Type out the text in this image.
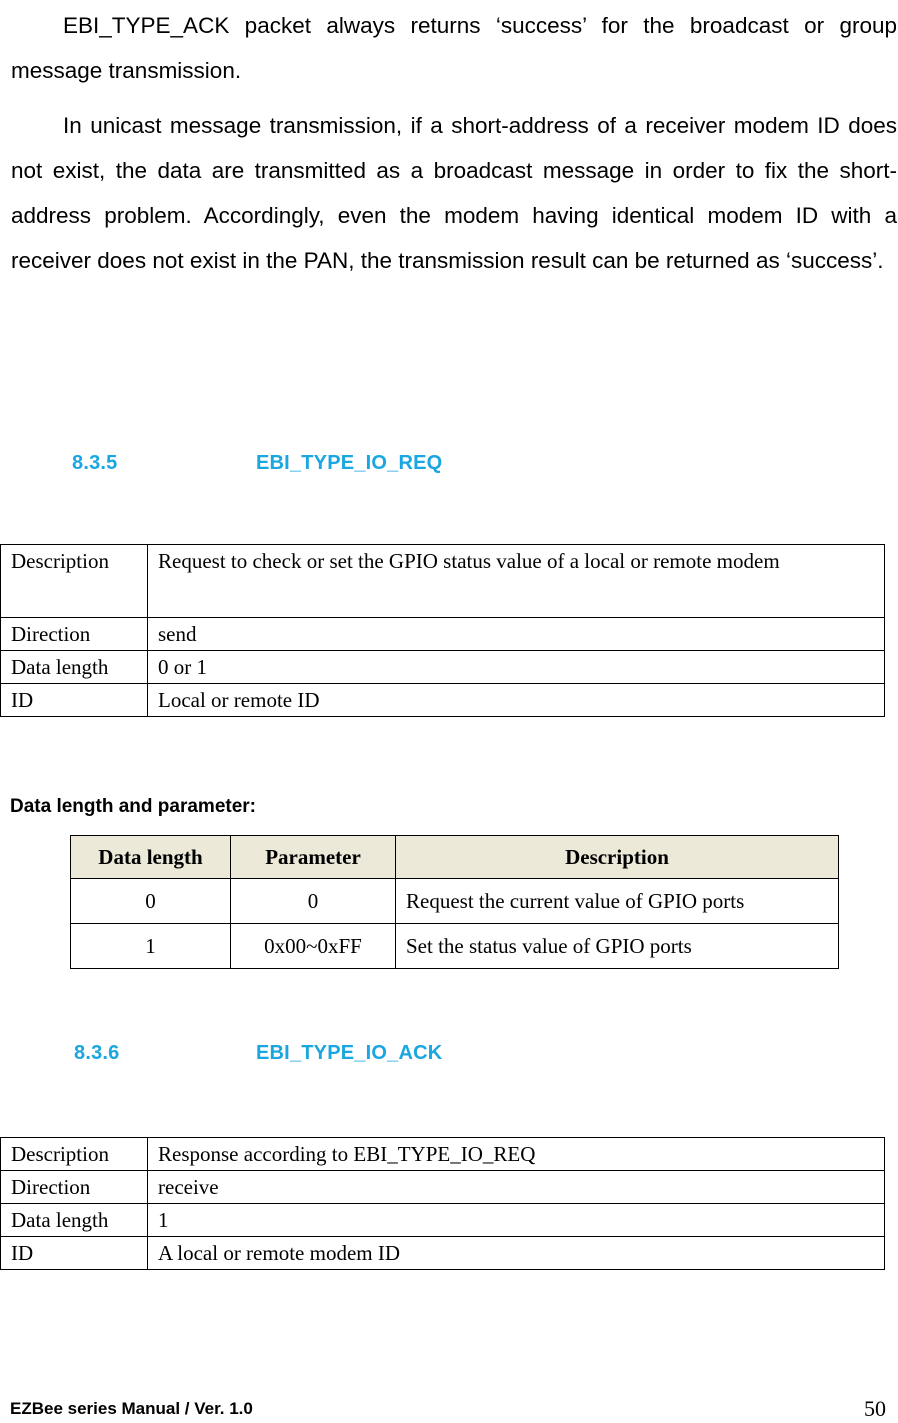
EBI_TYPE_ACK packet always returns ‘success’ for the broadcast or group message transmission.

In unicast message transmission, if a short-address of a receiver modem ID does not exist, the data are transmitted as a broadcast message in order to fix the short-address problem. Accordingly, even the modem having identical modem ID with a receiver does not exist in the PAN, the transmission result can be returned as ‘success’.

8.3.5	EBI_TYPE_IO_REQ
Description	Request to check or set the GPIO status value of a local or remote modem
Direction	send
Data length	0 or 1
ID	Local or remote ID
Data length and parameter:
Data length	Parameter	Description
0	0	Request the current value of GPIO ports
1	0x00~0xFF	Set the status value of GPIO ports
8.3.6	EBI_TYPE_IO_ACK
Description	Response according to EBI_TYPE_IO_REQ
Direction	receive
Data length	1
ID	A local or remote modem ID
EZBee series Manual / Ver. 1.0	50
